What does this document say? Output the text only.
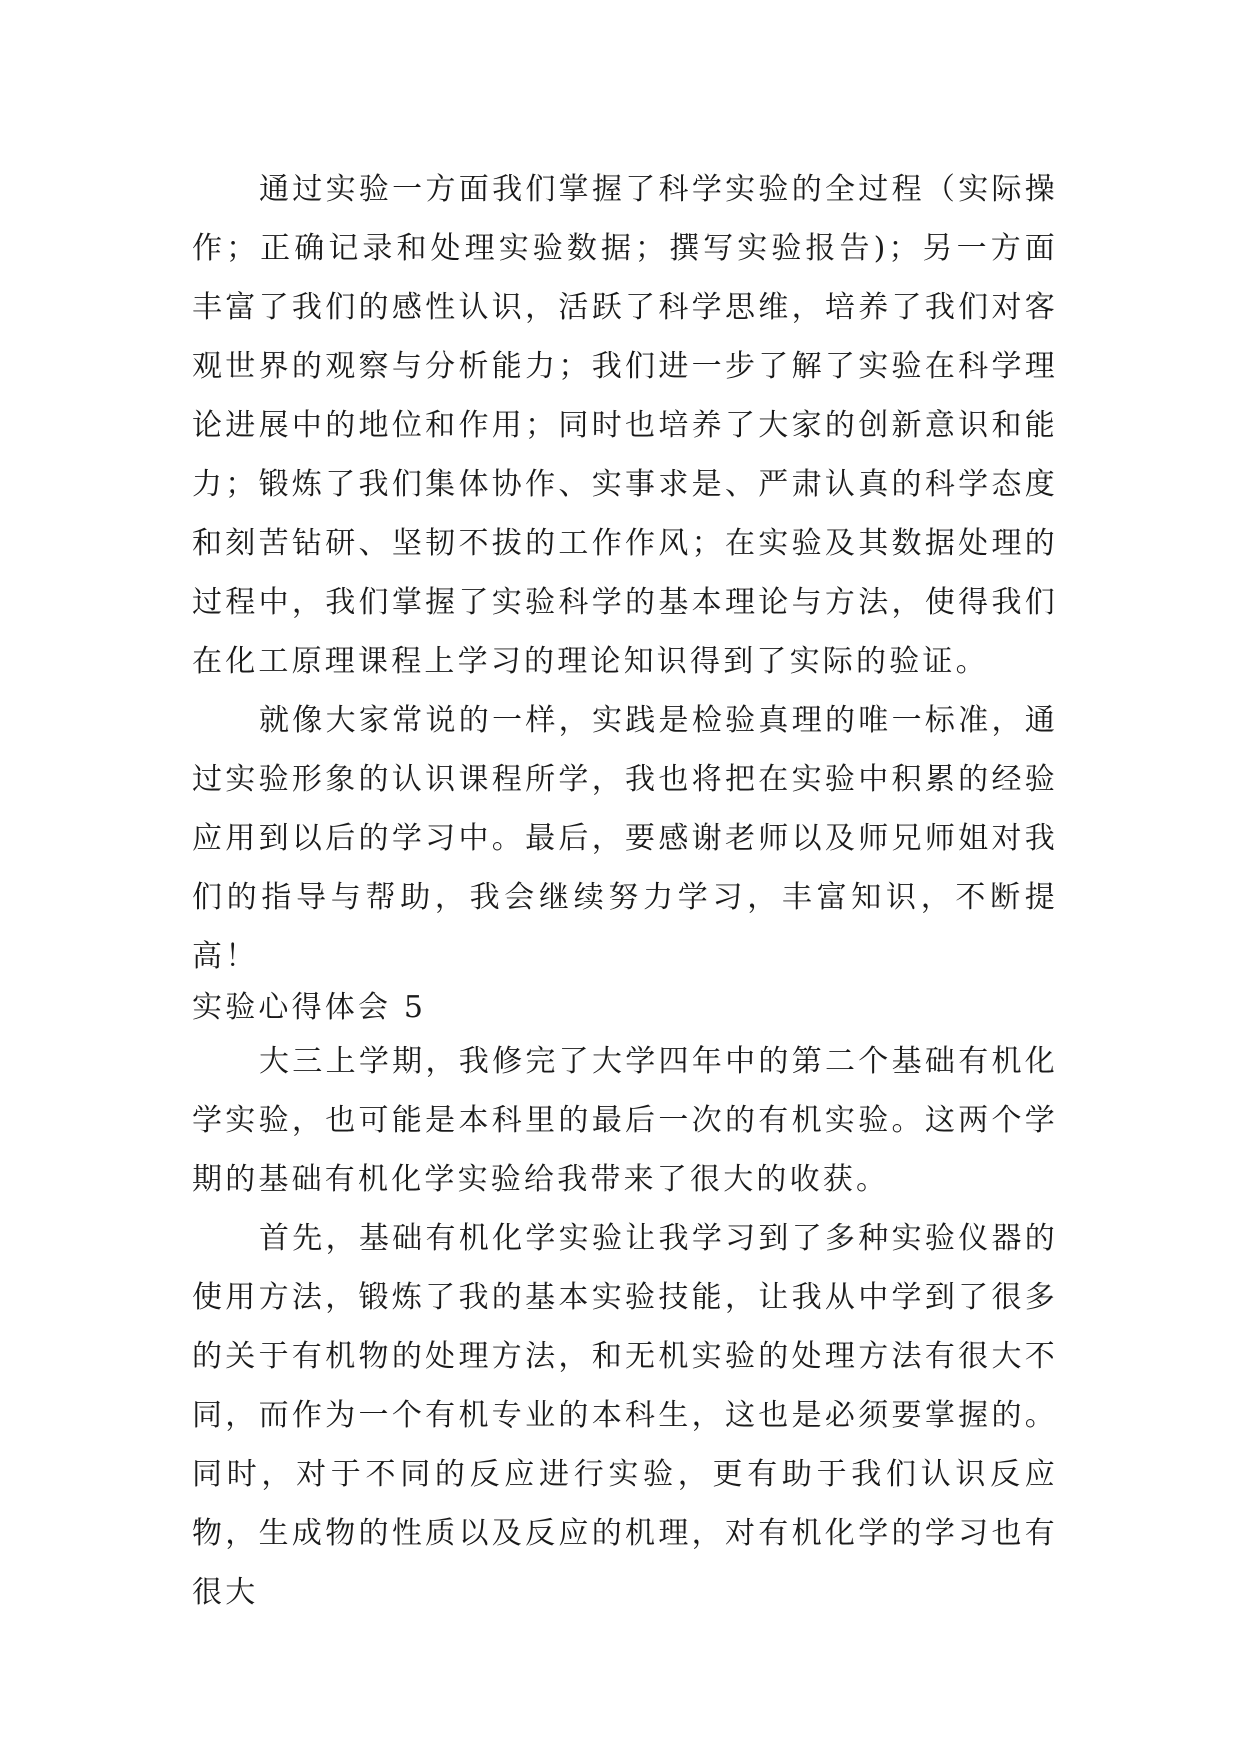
通过实验一方面我们掌握了科学实验的全过程（实际操作；正确记录和处理实验数据；撰写实验报告)；另一方面丰富了我们的感性认识，活跃了科学思维，培养了我们对客观世界的观察与分析能力；我们进一步了解了实验在科学理论进展中的地位和作用；同时也培养了大家的创新意识和能力；锻炼了我们集体协作、实事求是、严肃认真的科学态度和刻苦钻研、坚韧不拔的工作作风；在实验及其数据处理的过程中，我们掌握了实验科学的基本理论与方法，使得我们在化工原理课程上学习的理论知识得到了实际的验证。

就像大家常说的一样，实践是检验真理的唯一标准，通过实验形象的认识课程所学，我也将把在实验中积累的经验应用到以后的学习中。最后，要感谢老师以及师兄师姐对我们的指导与帮助，我会继续努力学习，丰富知识，不断提高！

实验心得体会 5

大三上学期，我修完了大学四年中的第二个基础有机化学实验，也可能是本科里的最后一次的有机实验。这两个学期的基础有机化学实验给我带来了很大的收获。

首先，基础有机化学实验让我学习到了多种实验仪器的使用方法，锻炼了我的基本实验技能，让我从中学到了很多的关于有机物的处理方法，和无机实验的处理方法有很大不同，而作为一个有机专业的本科生，这也是必须要掌握的。同时，对于不同的反应进行实验，更有助于我们认识反应物，生成物的性质以及反应的机理，对有机化学的学习也有很大
